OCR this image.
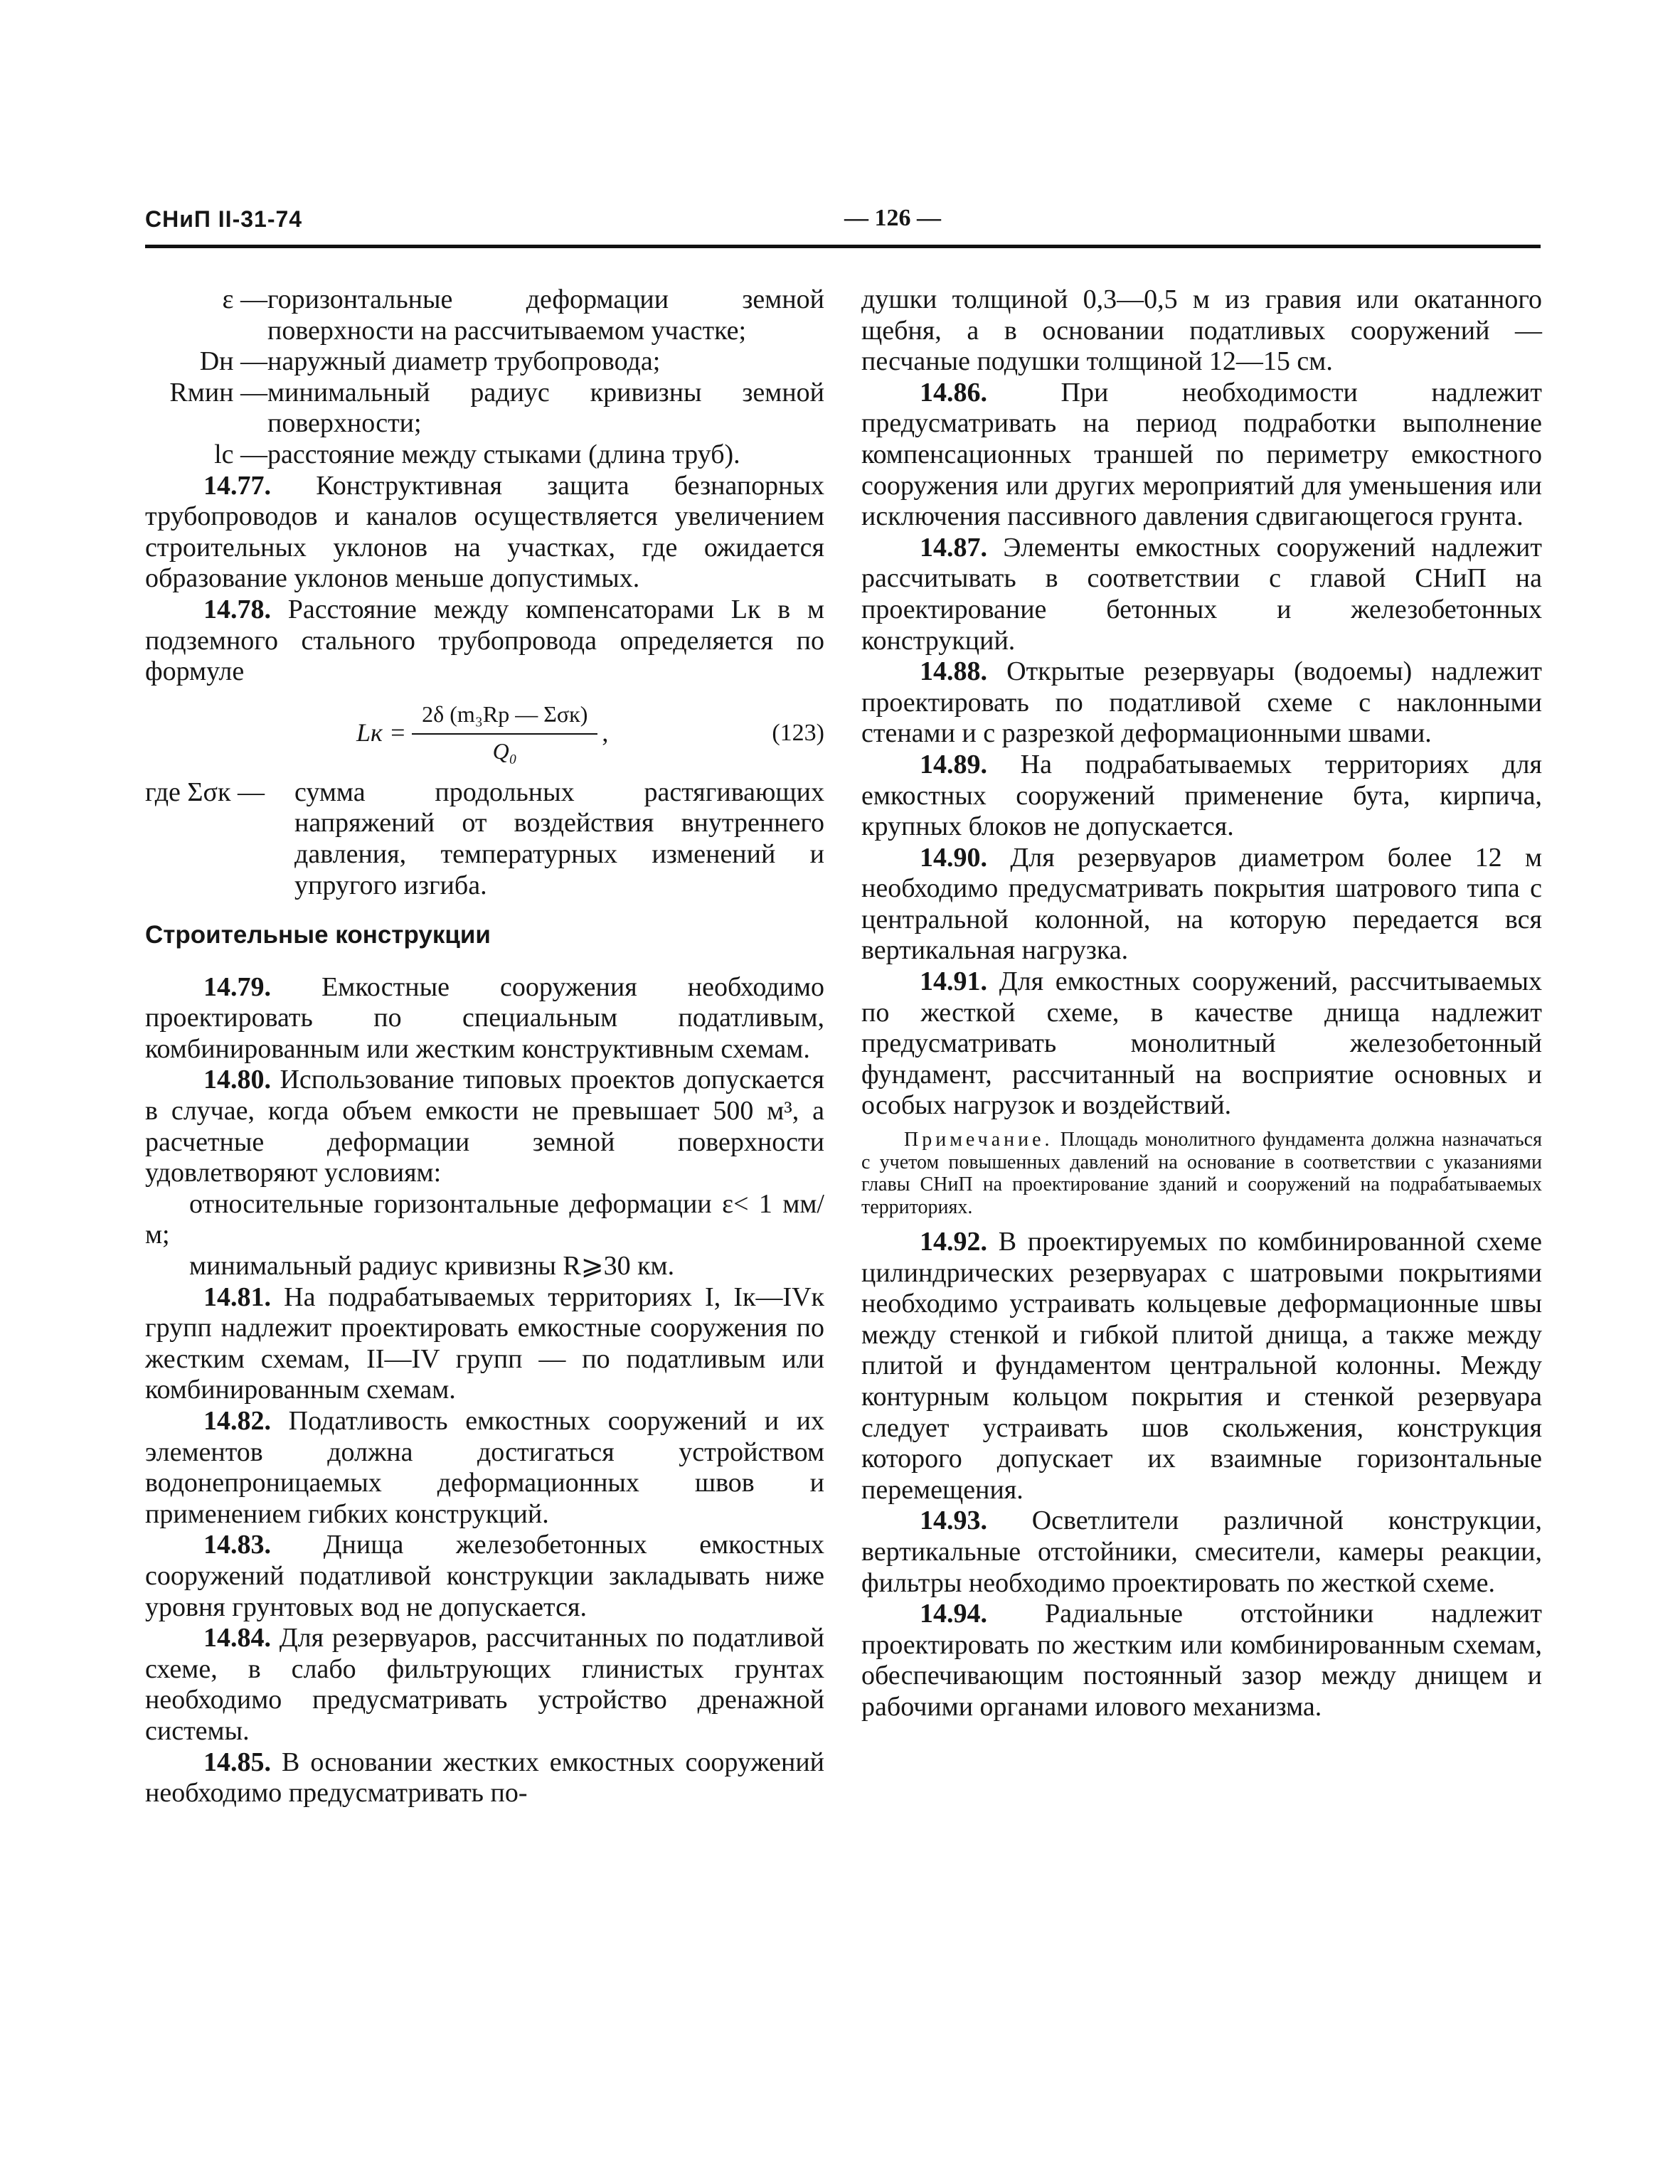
СНиП II-31-74	— 126 —
ε — горизонтальные деформации земной поверхности на рассчитываемом участке;
Dн — наружный диаметр трубопровода;
Rмин — минимальный радиус кривизны земной поверхности;
lс — расстояние между стыками (длина труб).

14.77. Конструктивная защита безнапорных трубопроводов и каналов осуществляется увеличением строительных уклонов на участках, где ожидается образование уклонов меньше допустимых.

14.78. Расстояние между компенсаторами Lк в м подземного стального трубопровода определяется по формуле

Lк = $\frac{\text{2δ (m₃Rр — Σσк)}}{\text{Q₀}}$ ,	(123)
где Σσк —	сумма продольных растягивающих напряжений от воздействия внутреннего давления, температурных изменений и упругого изгиба.
Строительные конструкции

14.79. Емкостные сооружения необходимо проектировать по специальным податливым, комбинированным или жестким конструктивным схемам.

14.80. Использование типовых проектов допускается в случае, когда объем емкости не превышает 500 м³, а расчетные деформации земной поверхности удовлетворяют условиям:

относительные горизонтальные деформации ε< 1 мм/м;

минимальный радиус кривизны R⩾30 км.

14.81. На подрабатываемых территориях I, Iк—IVк групп надлежит проектировать емкостные сооружения по жестким схемам, II—IV групп — по податливым или комбинированным схемам.

14.82. Податливость емкостных сооружений и их элементов должна достигаться устройством водонепроницаемых деформационных швов и применением гибких конструкций.

14.83. Днища железобетонных емкостных сооружений податливой конструкции закладывать ниже уровня грунтовых вод не допускается.

14.84. Для резервуаров, рассчитанных по податливой схеме, в слабо фильтрующих глинистых грунтах необходимо предусматривать устройство дренажной системы.

14.85. В основании жестких емкостных сооружений необходимо предусматривать по-

душки толщиной 0,3—0,5 м из гравия или окатанного щебня, а в основании податливых сооружений — песчаные подушки толщиной 12—15 см.

14.86.	При необходимости надлежит предусматривать на период подработки выполнение компенсационных траншей по периметру емкостного сооружения или других мероприятий для уменьшения или исключения пассивного давления сдвигающегося грунта.

14.87. Элементы емкостных сооружений надлежит рассчитывать в соответствии с главой СНиП на проектирование бетонных и железобетонных конструкций.

14.88. Открытые резервуары (водоемы) надлежит проектировать по податливой схеме с наклонными стенами и с разрезкой деформационными швами.

14.89. На подрабатываемых территориях для емкостных сооружений применение бута, кирпича, крупных блоков не допускается.

14.90. Для резервуаров диаметром более 12 м необходимо предусматривать покрытия шатрового типа с центральной колонной, на которую передается вся вертикальная нагрузка.

14.91. Для емкостных сооружений, рассчитываемых по жесткой схеме, в качестве днища надлежит предусматривать монолитный железобетонный фундамент, рассчитанный на восприятие основных и особых нагрузок и воздействий.

Примечание. Площадь монолитного фундамента должна назначаться с учетом повышенных давлений на основание в соответствии с указаниями главы СНиП на проектирование зданий и сооружений на подрабатываемых территориях.

14.92. В проектируемых по комбинированной схеме цилиндрических резервуарах с шатровыми покрытиями необходимо устраивать кольцевые деформационные швы между стенкой и гибкой плитой днища, а также между плитой и фундаментом центральной колонны. Между контурным кольцом покрытия и стенкой резервуара следует устраивать шов скольжения, конструкция которого допускает их взаимные горизонтальные перемещения.

14.93. Осветлители различной конструкции, вертикальные отстойники, смесители, камеры реакции, фильтры необходимо проектировать по жесткой схеме.

14.94. Радиальные отстойники надлежит проектировать по жестким или комбинированным схемам, обеспечивающим постоянный зазор между днищем и рабочими органами илового механизма.
